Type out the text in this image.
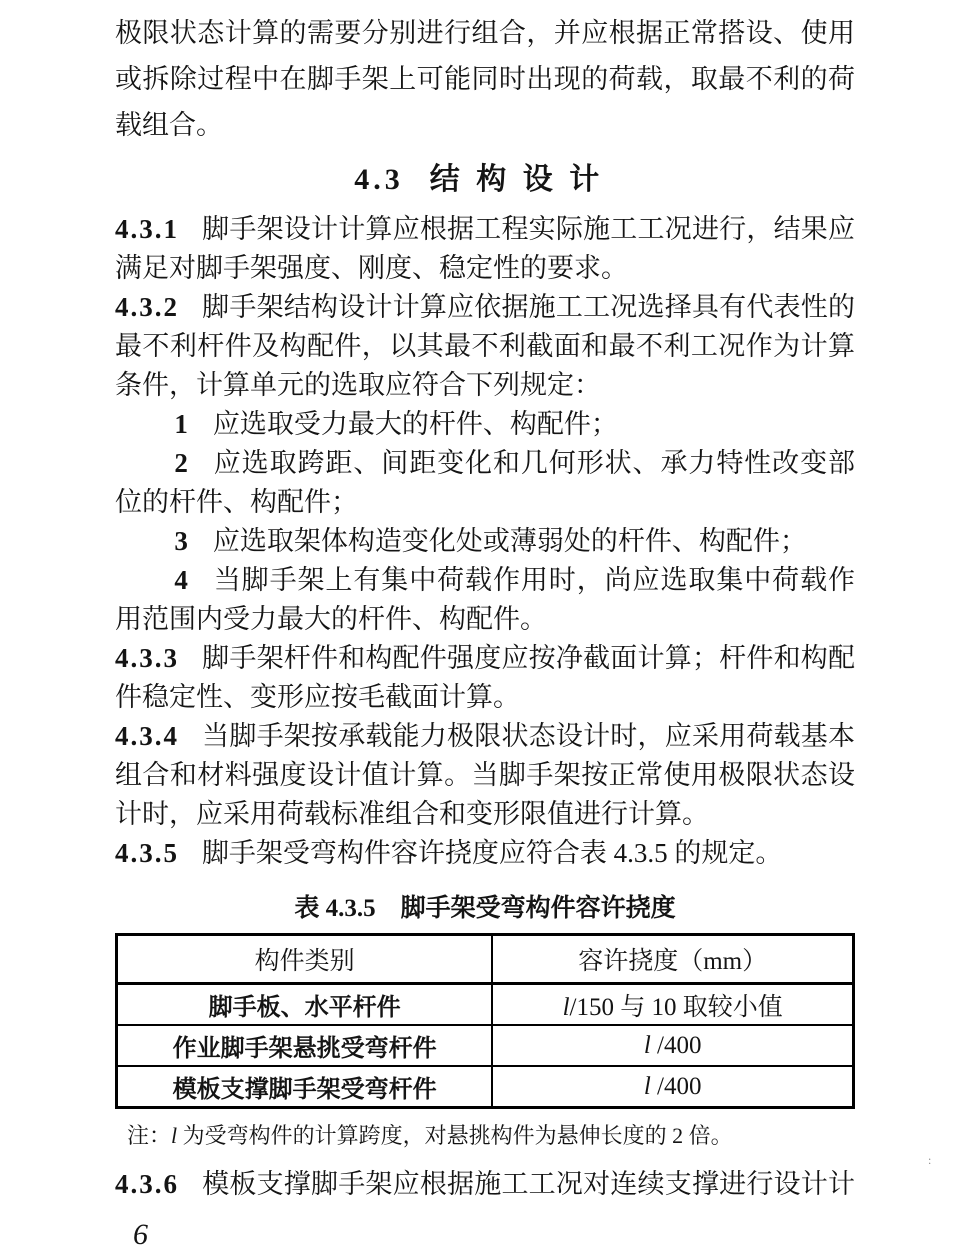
极限状态计算的需要分别进行组合，并应根据正常搭设、使用或拆除过程中在脚手架上可能同时出现的荷载，取最不利的荷载组合。

4.3 结构设计

4.3.1 脚手架设计计算应根据工程实际施工工况进行，结果应满足对脚手架强度、刚度、稳定性的要求。

4.3.2 脚手架结构设计计算应依据施工工况选择具有代表性的最不利杆件及构配件，以其最不利截面和最不利工况作为计算条件，计算单元的选取应符合下列规定：

1 应选取受力最大的杆件、构配件；

2 应选取跨距、间距变化和几何形状、承力特性改变部位的杆件、构配件；

3 应选取架体构造变化处或薄弱处的杆件、构配件；

4 当脚手架上有集中荷载作用时，尚应选取集中荷载作用范围内受力最大的杆件、构配件。

4.3.3 脚手架杆件和构配件强度应按净截面计算；杆件和构配件稳定性、变形应按毛截面计算。

4.3.4 当脚手架按承载能力极限状态设计时，应采用荷载基本组合和材料强度设计值计算。当脚手架按正常使用极限状态设计时，应采用荷载标准组合和变形限值进行计算。

4.3.5 脚手架受弯构件容许挠度应符合表 4.3.5 的规定。

表 4.3.5　脚手架受弯构件容许挠度
构件类别	容许挠度（mm）
脚手板、水平杆件	l/150 与 10 取较小值
作业脚手架悬挑受弯杆件	l /400
模板支撑脚手架受弯杆件	l /400

注：l 为受弯构件的计算跨度，对悬挑构件为悬伸长度的 2 倍。

4.3.6 模板支撑脚手架应根据施工工况对连续支撑进行设计计

6
:
